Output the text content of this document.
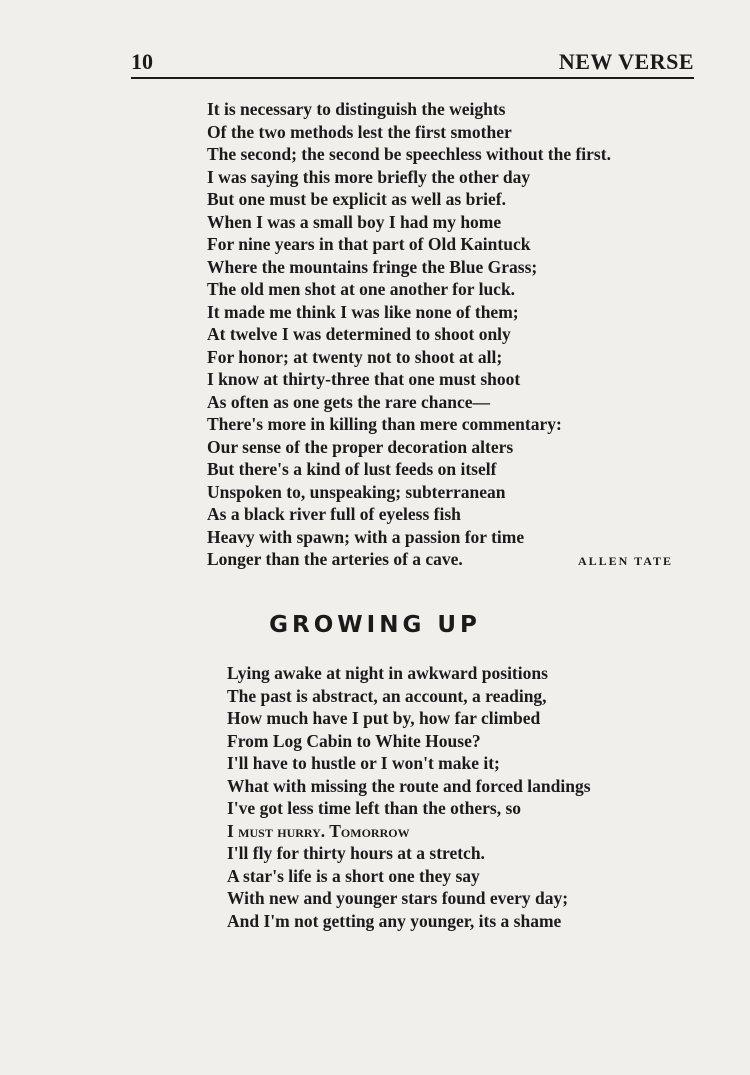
10	NEW VERSE
It is necessary to distinguish the weights
Of the two methods lest the first smother
The second; the second be speechless without the first.
I was saying this more briefly the other day
But one must be explicit as well as brief.
When I was a small boy I had my home
For nine years in that part of Old Kaintuck
Where the mountains fringe the Blue Grass;
The old men shot at one another for luck.
It made me think I was like none of them;
At twelve I was determined to shoot only
For honor; at twenty not to shoot at all;
I know at thirty-three that one must shoot
As often as one gets the rare chance—
There's more in killing than mere commentary:
Our sense of the proper decoration alters
But there's a kind of lust feeds on itself
Unspoken to, unspeaking; subterranean
As a black river full of eyeless fish
Heavy with spawn; with a passion for time
Longer than the arteries of a cave.	ALLEN TATE
GROWING UP
Lying awake at night in awkward positions
The past is abstract, an account, a reading,
How much have I put by, how far climbed
From Log Cabin to White House?
I'll have to hustle or I won't make it;
What with missing the route and forced landings
I've got less time left than the others, so
I must hurry. Tomorrow
I'll fly for thirty hours at a stretch.
A star's life is a short one they say
With new and younger stars found every day;
And I'm not getting any younger, its a shame
